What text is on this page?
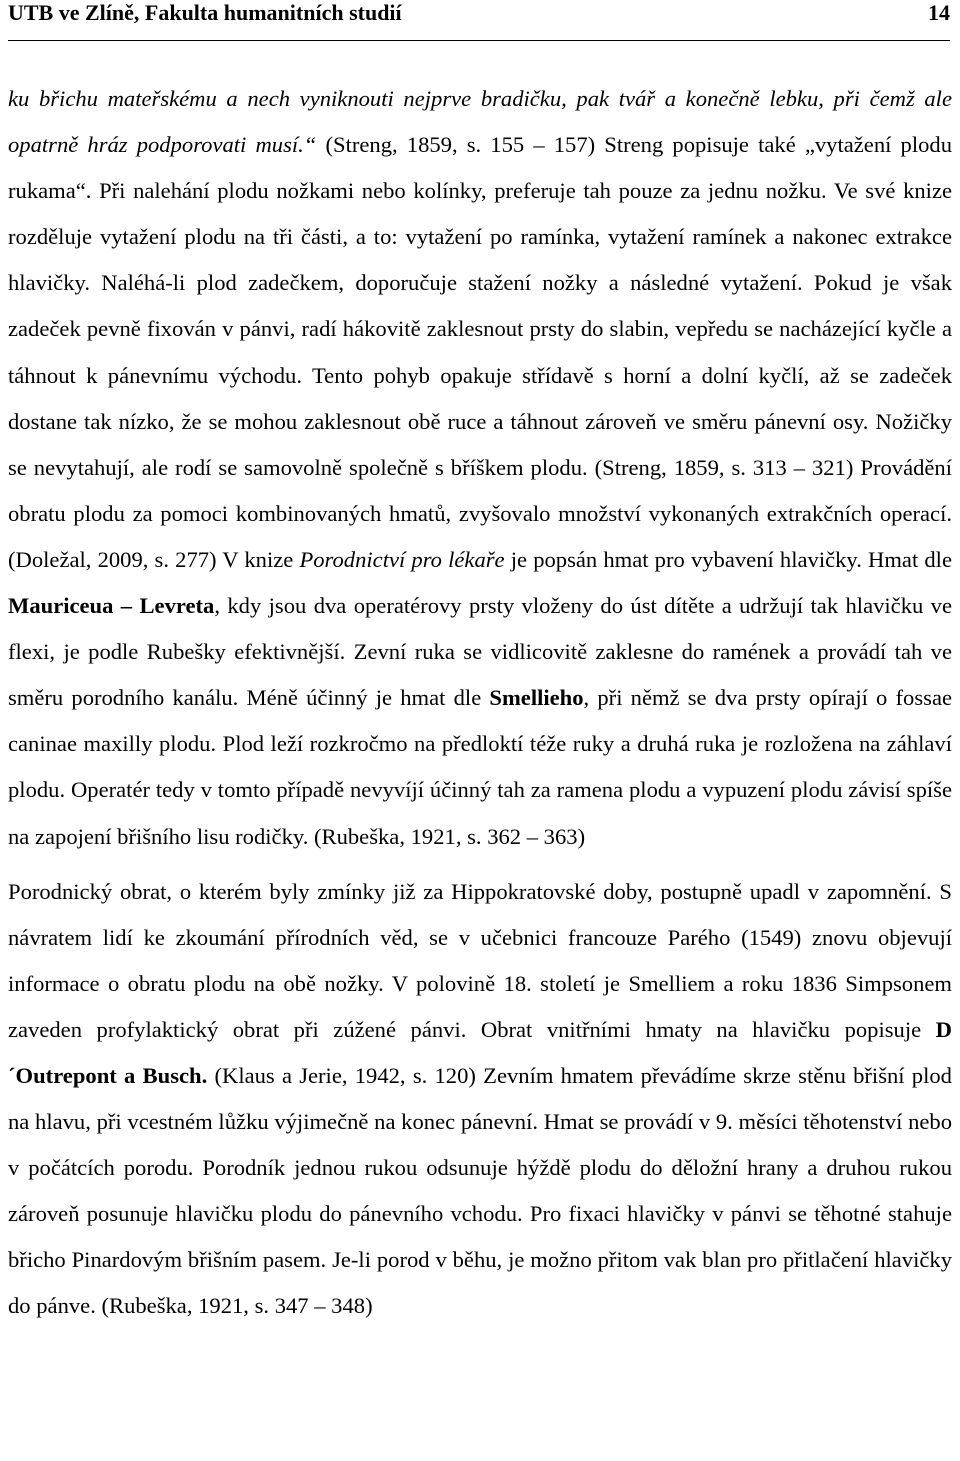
UTB ve Zlíně, Fakulta humanitních studií	14

ku břichu mateřskému a nech vyniknouti nejprve bradičku, pak tvář a konečně lebku, při čemž ale opatrně hráz podporovati musí.“ (Streng, 1859, s. 155 – 157) Streng popisuje také „vytažení plodu rukama“. Při nalehání plodu nožkami nebo kolínky, preferuje tah pouze za jednu nožku. Ve své knize rozděluje vytažení plodu na tři části, a to: vytažení po ramínka, vytažení ramínek a nakonec extrakce hlavičky. Naléhá-li plod zadečkem, doporučuje stažení nožky a následné vytažení. Pokud je však zadeček pevně fixován v pánvi, radí hákovitě zaklesnout prsty do slabin, vepředu se nacházející kyčle a táhnout k pánevnímu východu. Tento pohyb opakuje střídavě s horní a dolní kyčlí, až se zadeček dostane tak nízko, že se mohou zaklesnout obě ruce a táhnout zároveň ve směru pánevní osy. Nožičky se nevytahují, ale rodí se samovolně společně s bříškem plodu. (Streng, 1859, s. 313 – 321) Provádění obratu plodu za pomoci kombinovaných hmatů, zvyšovalo množství vykonaných extrakčních operací. (Doležal, 2009, s. 277) V knize Porodnictví pro lékaře je popsán hmat pro vybavení hlavičky. Hmat dle Mauriceua – Levreta, kdy jsou dva operatérovy prsty vloženy do úst dítěte a udržují tak hlavičku ve flexi, je podle Rubešky efektivnější. Zevní ruka se vidlicovitě zaklesne do ramének a provádí tah ve směru porodního kanálu. Méně účinný je hmat dle Smellieho, při němž se dva prsty opírají o fossae caninae maxilly plodu. Plod leží rozkročmo na předloktí téže ruky a druhá ruka je rozložena na záhlaví plodu. Operatér tedy v tomto případě nevyvíjí účinný tah za ramena plodu a vypuzení plodu závisí spíše na zapojení břišního lisu rodičky. (Rubeška, 1921, s. 362 – 363)

Porodnický obrat, o kterém byly zmínky již za Hippokratovské doby, postupně upadl v zapomnění. S návratem lidí ke zkoumání přírodních věd, se v učebnici francouze Paréhо (1549) znovu objevují informace o obratu plodu na obě nožky. V polovině 18. století je Smelliem a roku 1836 Simpsonem zaveden profylaktický obrat při zúžené pánvi. Obrat vnitřními hmaty na hlavičku popisuje D´Outrepont a Busch. (Klaus a Jerie, 1942, s. 120) Zevním hmatem převádíme skrze stěnu břišní plod na hlavu, při vcestném lůžku výjimečně na konec pánevní. Hmat se provádí v 9. měsíci těhotenství nebo v počátcích porodu. Porodník jednou rukou odsunuje hýždě plodu do děložní hrany a druhou rukou zároveň posunuje hlavičku plodu do pánevního vchodu. Pro fixaci hlavičky v pánvi se těhotné stahuje břicho Pinardovým břišním pasem. Je-li porod v běhu, je možno přitom vak blan pro přitlačení hlavičky do pánve. (Rubeška, 1921, s. 347 – 348)
